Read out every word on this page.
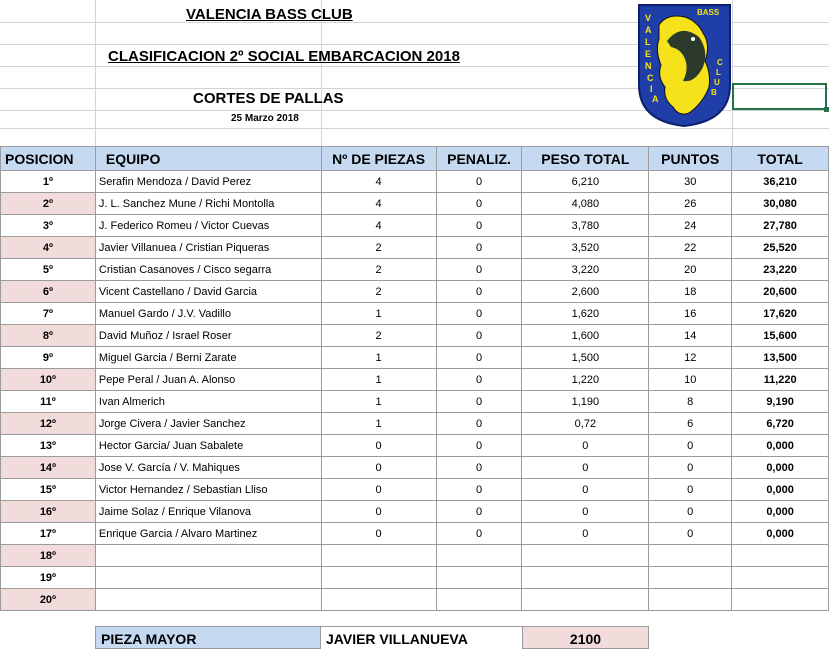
VALENCIA BASS CLUB
CLASIFICACION 2º SOCIAL EMBARCACION 2018
CORTES DE PALLAS
25 Marzo 2018
V
A
L
E
N
C
I
A
BASS
C
L
U
B
POSICION	EQUIPO	Nº DE PIEZAS	PENALIZ.	PESO TOTAL	PUNTOS	TOTAL
1º	Serafin Mendoza / David Perez	4	0	6,210	30	36,210
2º	J. L. Sanchez Mune / Richi Montolla	4	0	4,080	26	30,080
3º	J. Federico Romeu / Victor Cuevas	4	0	3,780	24	27,780
4º	Javier Villanuea / Cristian Piqueras	2	0	3,520	22	25,520
5º	Cristian Casanoves / Cisco segarra	2	0	3,220	20	23,220
6º	Vicent Castellano / David Garcia	2	0	2,600	18	20,600
7º	Manuel Gardo / J.V. Vadillo	1	0	1,620	16	17,620
8º	David Muñoz / Israel Roser	2	0	1,600	14	15,600
9º	Miguel Garcia / Berni Zarate	1	0	1,500	12	13,500
10º	Pepe Peral / Juan A. Alonso	1	0	1,220	10	11,220
11º	Ivan Almerich	1	0	1,190	8	9,190
12º	Jorge Civera / Javier Sanchez	1	0	0,72	6	6,720
13º	Hector Garcia/ Juan Sabalete	0	0	0	0	0,000
14º	Jose V. García / V. Mahiques	0	0	0	0	0,000
15º	Victor Hernandez / Sebastian Lliso	0	0	0	0	0,000
16º	Jaime Solaz / Enrique Vilanova	0	0	0	0	0,000
17º	Enrique Garcia / Alvaro Martinez	0	0	0	0	0,000
18º						
19º						
20º						
PIEZA MAYOR	JAVIER VILLANUEVA	2100
